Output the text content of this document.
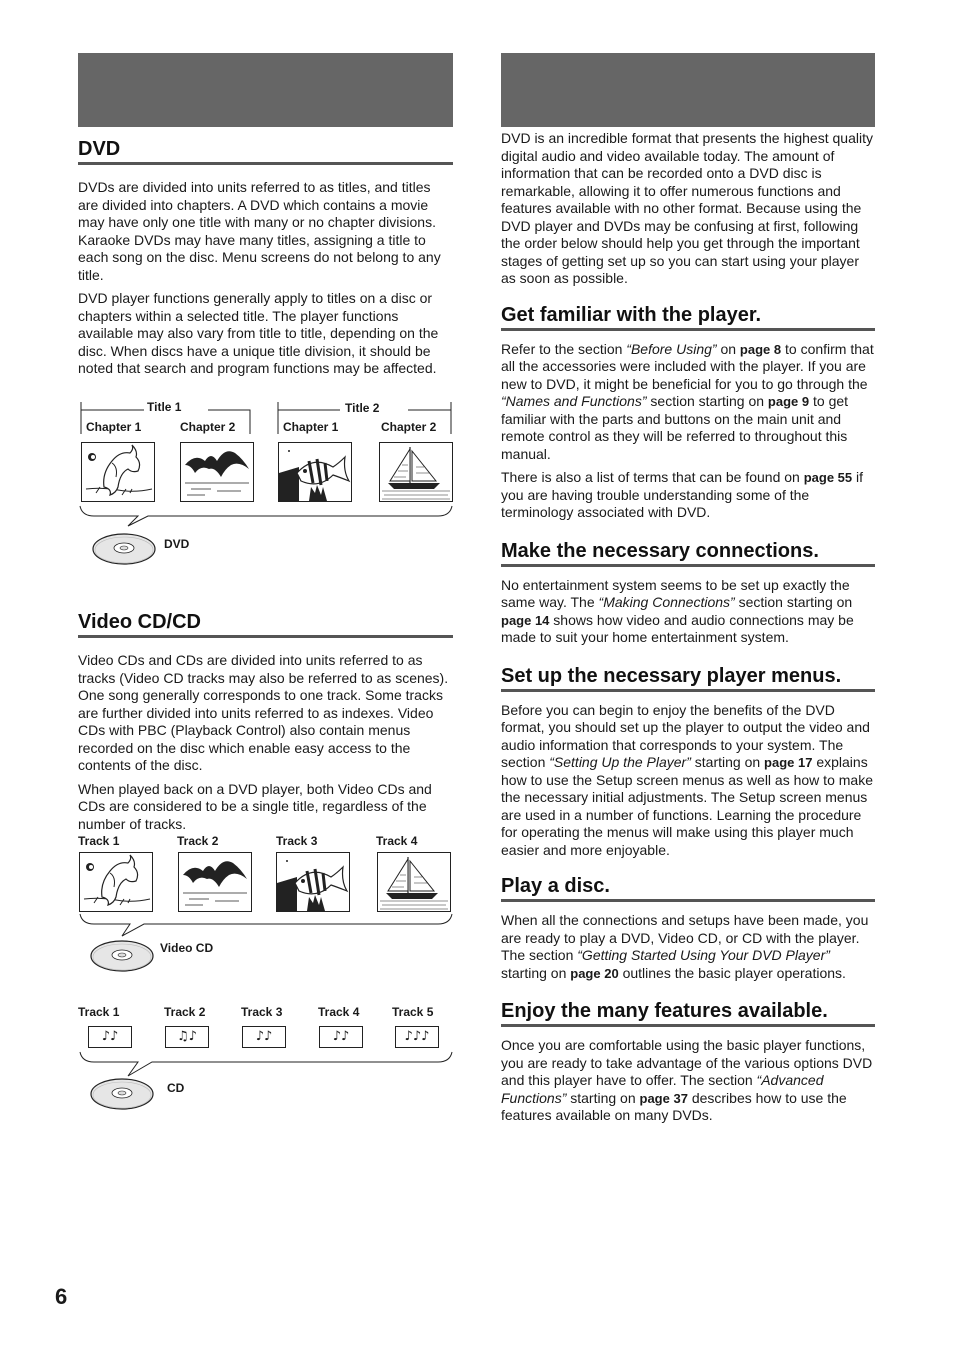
DVD

DVDs are divided into units referred to as titles, and titles are divided into chapters. A DVD which contains a movie may have only one title with many or no chapter divisions. Karaoke DVDs may have many titles, assigning a title to each song on the disc. Menu screens do not belong to any title.

DVD player functions generally apply to titles on a disc or chapters within a selected title. The player functions available may also vary from title to title, depending on the disc. When discs have a unique title division, it should be noted that search and program functions may be affected.

Title 1	Title 2
Chapter 1	Chapter 2	Chapter 1	Chapter 2
DVD
Video CD/CD

Video CDs and CDs are divided into units referred to as tracks (Video CD tracks may also be referred to as scenes). One song generally corresponds to one track. Some tracks are further divided into units referred to as indexes. Video CDs with PBC (Playback Control) also contain menus recorded on the disc which enable easy access to the contents of the disc.

When played back on a DVD player, both Video CDs and CDs are considered to be a single title, regardless of the number of tracks.

Track 1	Track 2	Track 3	Track 4
Video CD
Track 1	Track 2	Track 3	Track 4	Track 5
♪♪	♫♪	♪♪	♪♪	♪♪♪
CD

DVD is an incredible format that presents the highest quality digital audio and video available today. The amount of information that can be recorded onto a DVD disc is remarkable, allowing it to offer numerous functions and features available with no other format. Because using the DVD player and DVDs may be confusing at first, following the order below should help you get through the important stages of getting set up so you can start using your player as soon as possible.

Get familiar with the player.

Refer to the section “Before Using” on page 8 to confirm that all the accessories were included with the player. If you are new to DVD, it might be beneficial for you to go through the “Names and Functions” section starting on page 9 to get familiar with the parts and buttons on the main unit and remote control as they will be referred to throughout this manual.

There is also a list of terms that can be found on page 55 if you are having trouble understanding some of the terminology associated with DVD.

Make the necessary connections.

No entertainment system seems to be set up exactly the same way. The “Making Connections” section starting on page 14 shows how video and audio connections may be made to suit your home entertainment system.

Set up the necessary player menus.

Before you can begin to enjoy the benefits of the DVD format, you should set up the player to output the video and audio information that corresponds to your system. The section “Setting Up the Player” starting on page 17 explains how to use the Setup screen menus as well as how to make the necessary initial adjustments. The Setup screen menus are used in a number of functions. Learning the procedure for operating the menus will make using this player much easier and more enjoyable.

Play a disc.

When all the connections and setups have been made, you are ready to play a DVD, Video CD, or CD with the player. The section “Getting Started Using Your DVD Player” starting on page 20 outlines the basic player operations.

Enjoy the many features available.

Once you are comfortable using the basic player functions, you are ready to take advantage of the various options DVD and this player have to offer. The section “Advanced Functions” starting on page 37 describes how to use the features available on many DVDs.

6
